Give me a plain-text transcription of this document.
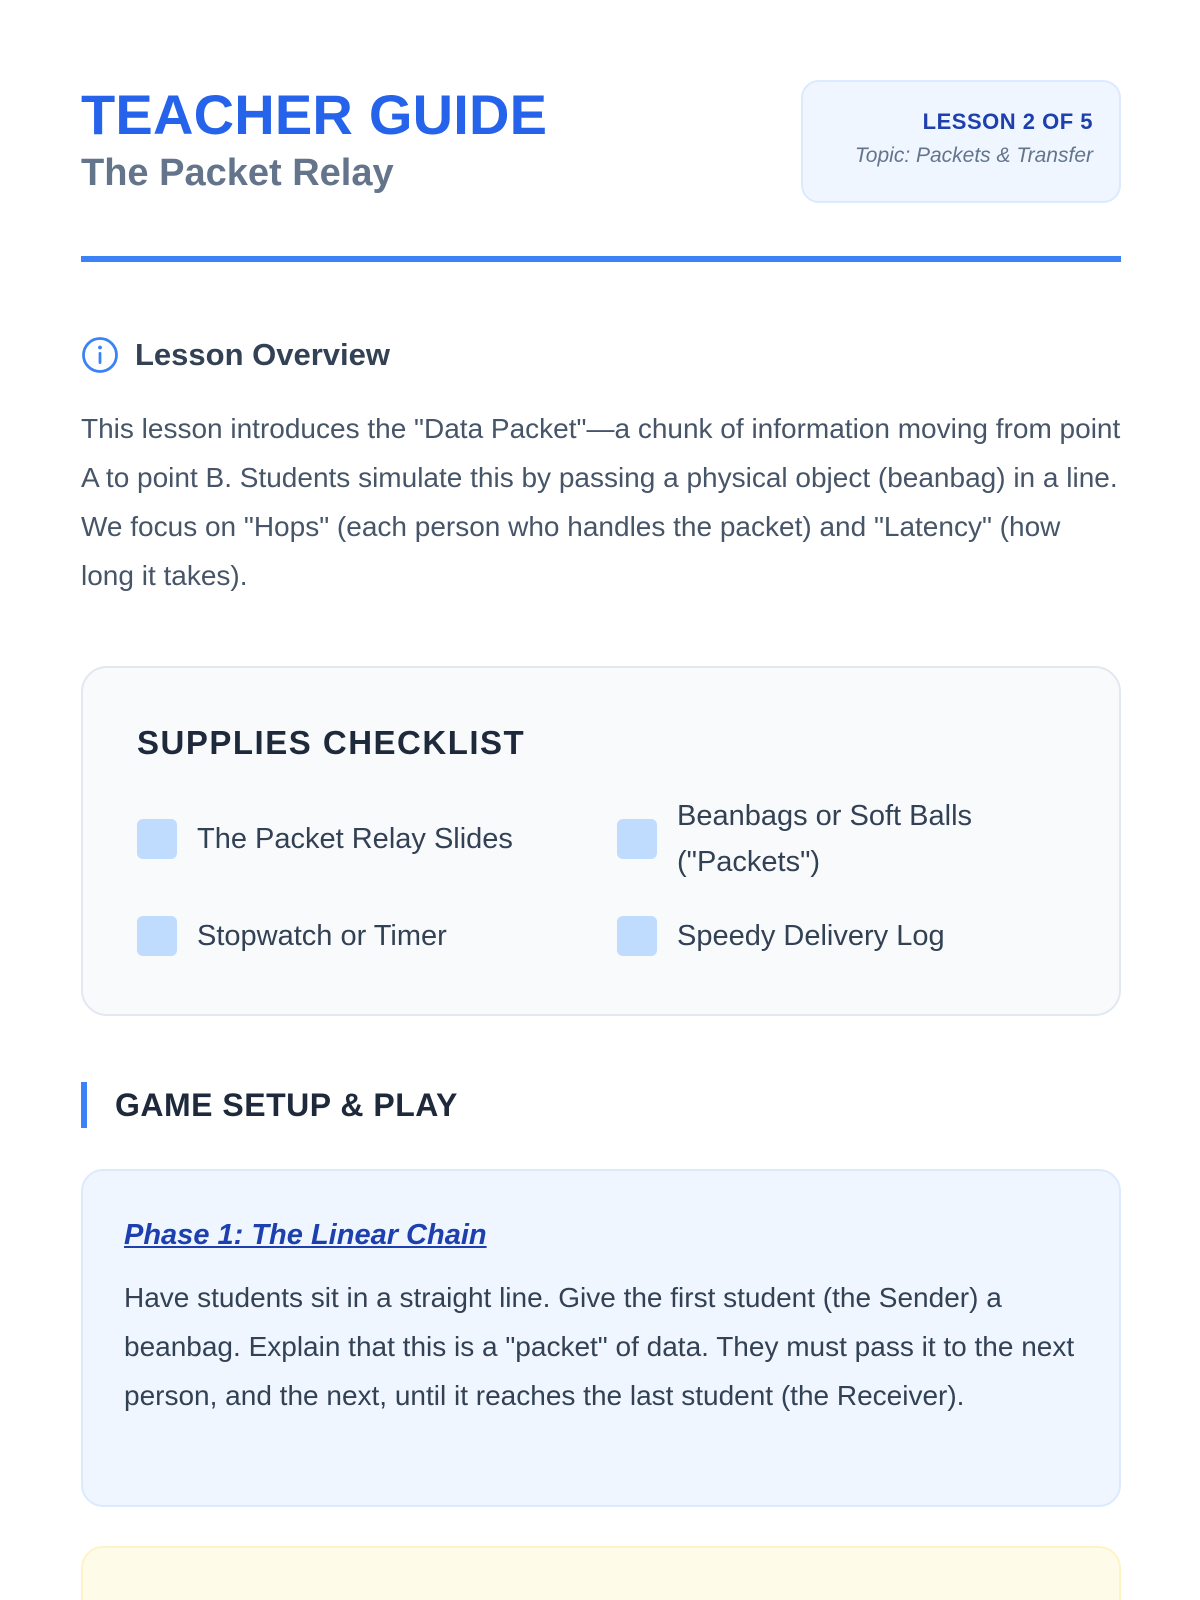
TEACHER GUIDE
The Packet Relay
LESSON 2 OF 5
Topic: Packets & Transfer
Lesson Overview

This lesson introduces the "Data Packet"—a chunk of information moving from point A to point B. Students simulate this by passing a physical object (beanbag) in a line. We focus on "Hops" (each person who handles the packet) and "Latency" (how long it takes).

SUPPLIES CHECKLIST
The Packet Relay Slides
Beanbags or Soft Balls ("Packets")
Stopwatch or Timer	Speedy Delivery Log
GAME SETUP & PLAY
Phase 1: The Linear Chain

Have students sit in a straight line. Give the first student (the Sender) a beanbag. Explain that this is a "packet" of data. They must pass it to the next person, and the next, until it reaches the last student (the Receiver).
